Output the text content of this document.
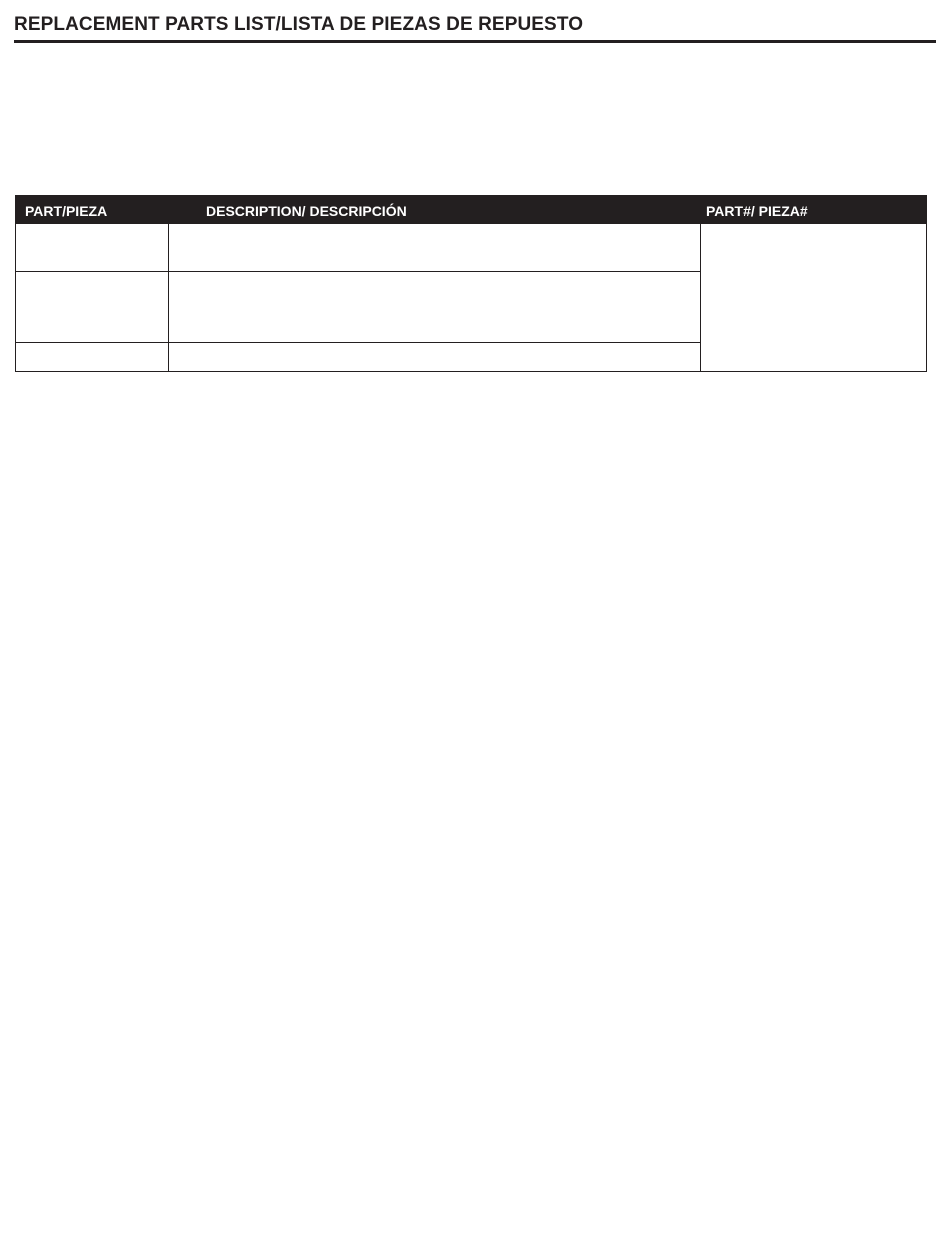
REPLACEMENT PARTS LIST/LISTA DE PIEZAS DE REPUESTO
PART/PIEZA	DESCRIPTION/ DESCRIPCIÓN	PART#/ PIEZA#
